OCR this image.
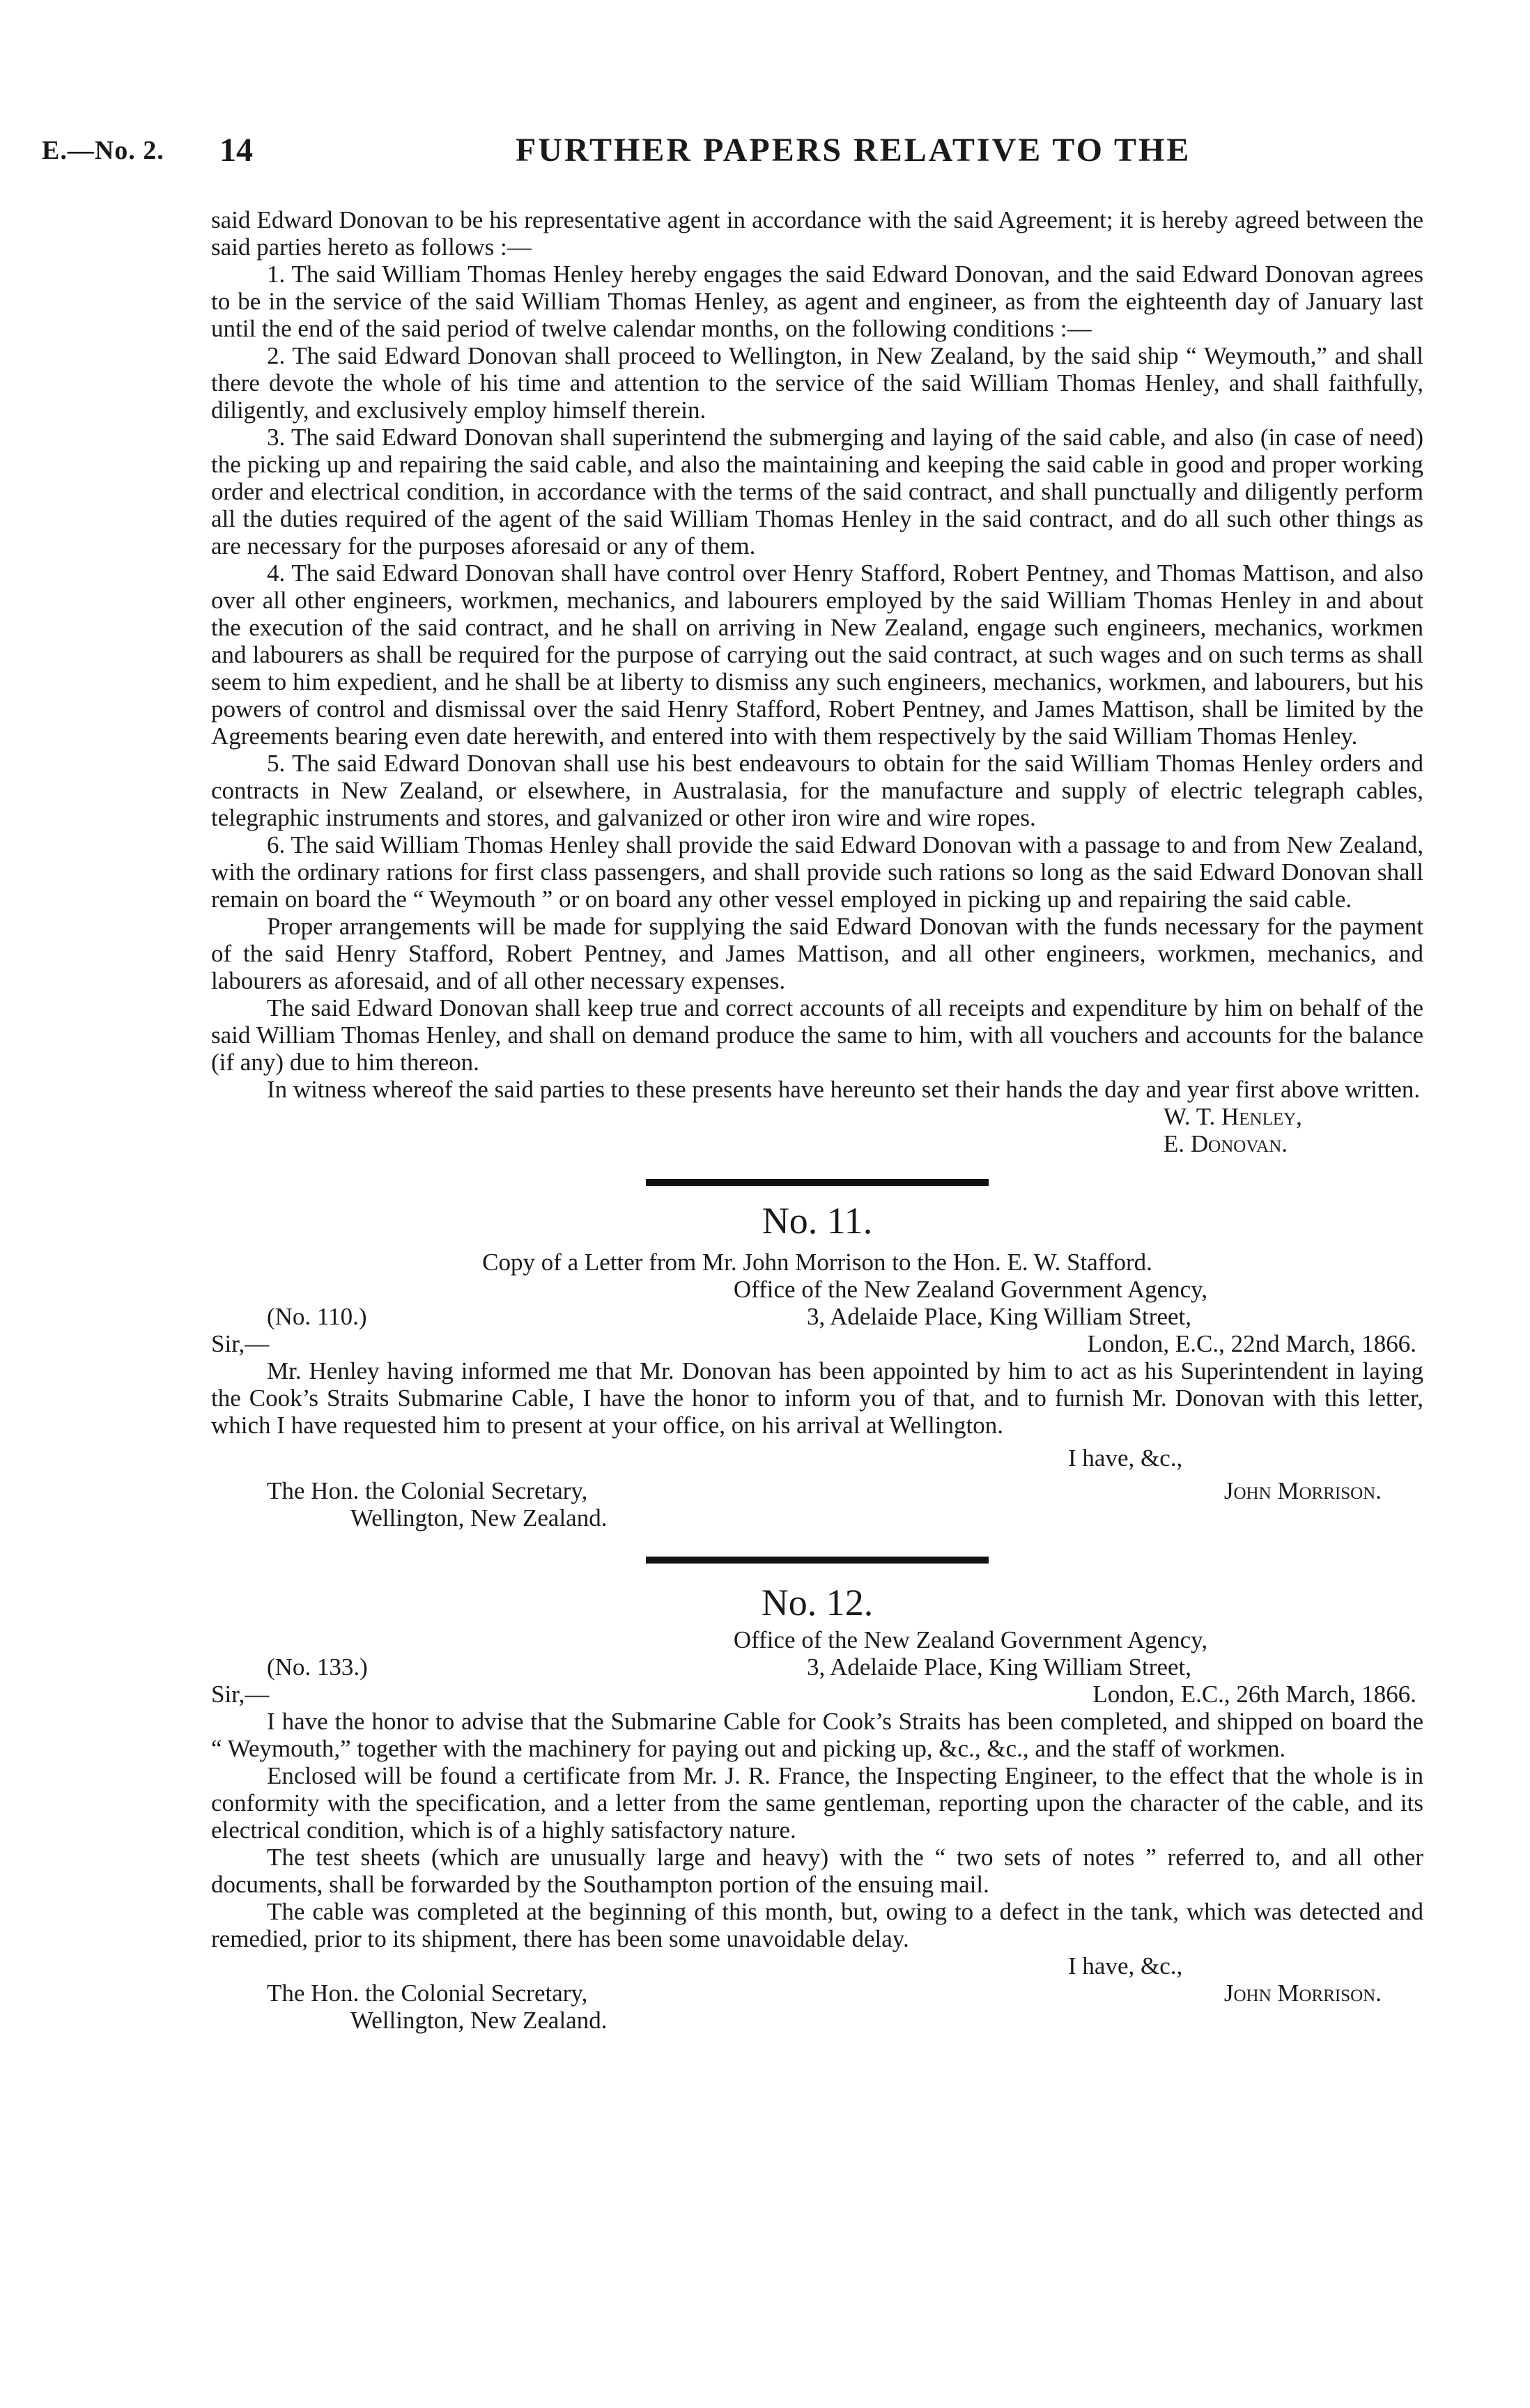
E.—No. 2. 14	FURTHER PAPERS RELATIVE TO THE

said Edward Donovan to be his representative agent in accordance with the said Agreement; it is hereby agreed between the said parties hereto as follows :—

1. The said William Thomas Henley hereby engages the said Edward Donovan, and the said Edward Donovan agrees to be in the service of the said William Thomas Henley, as agent and engineer, as from the eighteenth day of January last until the end of the said period of twelve calendar months, on the following conditions :—

2. The said Edward Donovan shall proceed to Wellington, in New Zealand, by the said ship “ Weymouth,” and shall there devote the whole of his time and attention to the service of the said William Thomas Henley, and shall faithfully, diligently, and exclusively employ himself therein.

3. The said Edward Donovan shall superintend the submerging and laying of the said cable, and also (in case of need) the picking up and repairing the said cable, and also the maintaining and keeping the said cable in good and proper working order and electrical condition, in accordance with the terms of the said contract, and shall punctually and diligently perform all the duties required of the agent of the said William Thomas Henley in the said contract, and do all such other things as are necessary for the purposes aforesaid or any of them.

4. The said Edward Donovan shall have control over Henry Stafford, Robert Pentney, and Thomas Mattison, and also over all other engineers, workmen, mechanics, and labourers employed by the said William Thomas Henley in and about the execution of the said contract, and he shall on arriving in New Zealand, engage such engineers, mechanics, workmen and labourers as shall be required for the purpose of carrying out the said contract, at such wages and on such terms as shall seem to him expedient, and he shall be at liberty to dismiss any such engineers, mechanics, workmen, and labourers, but his powers of control and dismissal over the said Henry Stafford, Robert Pentney, and James Mattison, shall be limited by the Agreements bearing even date herewith, and entered into with them respectively by the said William Thomas Henley.

5. The said Edward Donovan shall use his best endeavours to obtain for the said William Thomas Henley orders and contracts in New Zealand, or elsewhere, in Australasia, for the manufacture and supply of electric telegraph cables, telegraphic instruments and stores, and galvanized or other iron wire and wire ropes.

6. The said William Thomas Henley shall provide the said Edward Donovan with a passage to and from New Zealand, with the ordinary rations for first class passengers, and shall provide such rations so long as the said Edward Donovan shall remain on board the “ Weymouth ” or on board any other vessel employed in picking up and repairing the said cable.

Proper arrangements will be made for supplying the said Edward Donovan with the funds necessary for the payment of the said Henry Stafford, Robert Pentney, and James Mattison, and all other engineers, workmen, mechanics, and labourers as aforesaid, and of all other necessary expenses.

The said Edward Donovan shall keep true and correct accounts of all receipts and expenditure by him on behalf of the said William Thomas Henley, and shall on demand produce the same to him, with all vouchers and accounts for the balance (if any) due to him thereon.

In witness whereof the said parties to these presents have hereunto set their hands the day and year first above written.

W. T. Henley,

E. Donovan.

No. 11.

Copy of a Letter from Mr. John Morrison to the Hon. E. W. Stafford.

Office of the New Zealand Government Agency,
(No. 110.)	3, Adelaide Place, King William Street,
Sir,—	London, E.C., 22nd March, 1866.

Mr. Henley having informed me that Mr. Donovan has been appointed by him to act as his Superintendent in laying the Cook’s Straits Submarine Cable, I have the honor to inform you of that, and to furnish Mr. Donovan with this letter, which I have requested him to present at your office, on his arrival at Wellington.

I have, &c.,

The Hon. the Colonial Secretary,
Wellington, New Zealand.
John Morrison.

No. 12.

Office of the New Zealand Government Agency,
(No. 133.)	3, Adelaide Place, King William Street,
Sir,—	London, E.C., 26th March, 1866.

I have the honor to advise that the Submarine Cable for Cook’s Straits has been completed, and shipped on board the “ Weymouth,” together with the machinery for paying out and picking up, &c., &c., and the staff of workmen.

Enclosed will be found a certificate from Mr. J. R. France, the Inspecting Engineer, to the effect that the whole is in conformity with the specification, and a letter from the same gentleman, reporting upon the character of the cable, and its electrical condition, which is of a highly satisfactory nature.

The test sheets (which are unusually large and heavy) with the “ two sets of notes ” referred to, and all other documents, shall be forwarded by the Southampton portion of the ensuing mail.

The cable was completed at the beginning of this month, but, owing to a defect in the tank, which was detected and remedied, prior to its shipment, there has been some unavoidable delay.

I have, &c.,

The Hon. the Colonial Secretary,
Wellington, New Zealand.
John Morrison.
